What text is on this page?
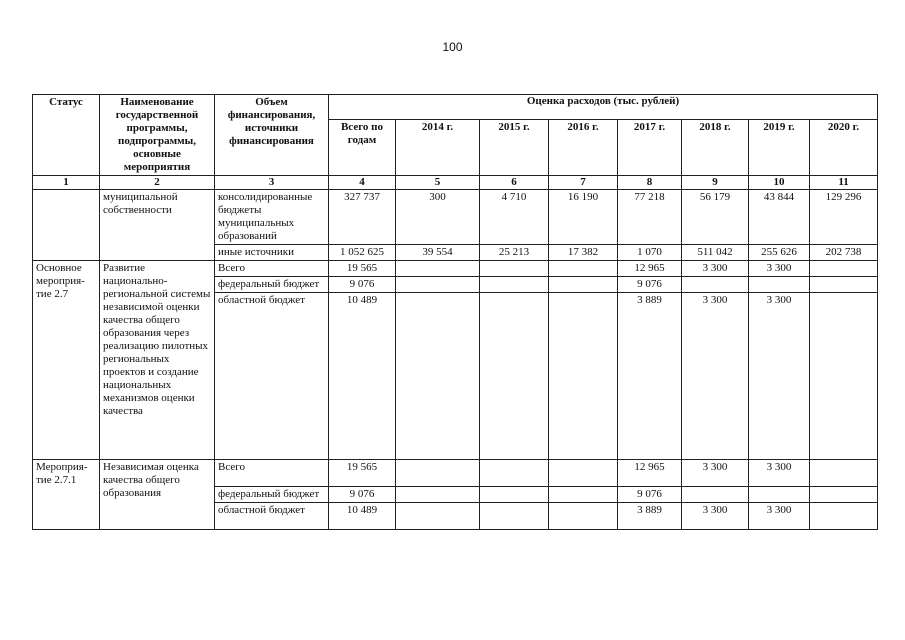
100
Статус	Наименование государственной программы, подпрограммы, основные мероприятия	Объем финансирования, источники финансирования	Оценка расходов (тыс. рублей)							
			Всего по годам	2014 г.	2015 г.	2016 г.	2017 г.	2018 г.	2019 г.	2020 г.
1	2	3	4	5	6	7	8	9	10	11
	муниципальной собственности	консолидированные бюджеты муниципальных образований	327 737	300	4 710	16 190	77 218	56 179	43 844	129 296
		иные источники	1 052 625	39 554	25 213	17 382	1 070	511 042	255 626	202 738
Основное мероприя-тие 2.7	Развитие национально-региональной системы независимой оценки качества общего образования через реализацию пилотных региональных проектов и создание национальных механизмов оценки качества	Всего	19 565				12 965	3 300	3 300	
		федеральный бюджет	9 076				9 076			
		областной бюджет	10 489				3 889	3 300	3 300	
Мероприя-тие 2.7.1	Независимая оценка качества общего образования	Всего	19 565				12 965	3 300	3 300	
		федеральный бюджет	9 076				9 076			
		областной бюджет	10 489				3 889	3 300	3 300	
